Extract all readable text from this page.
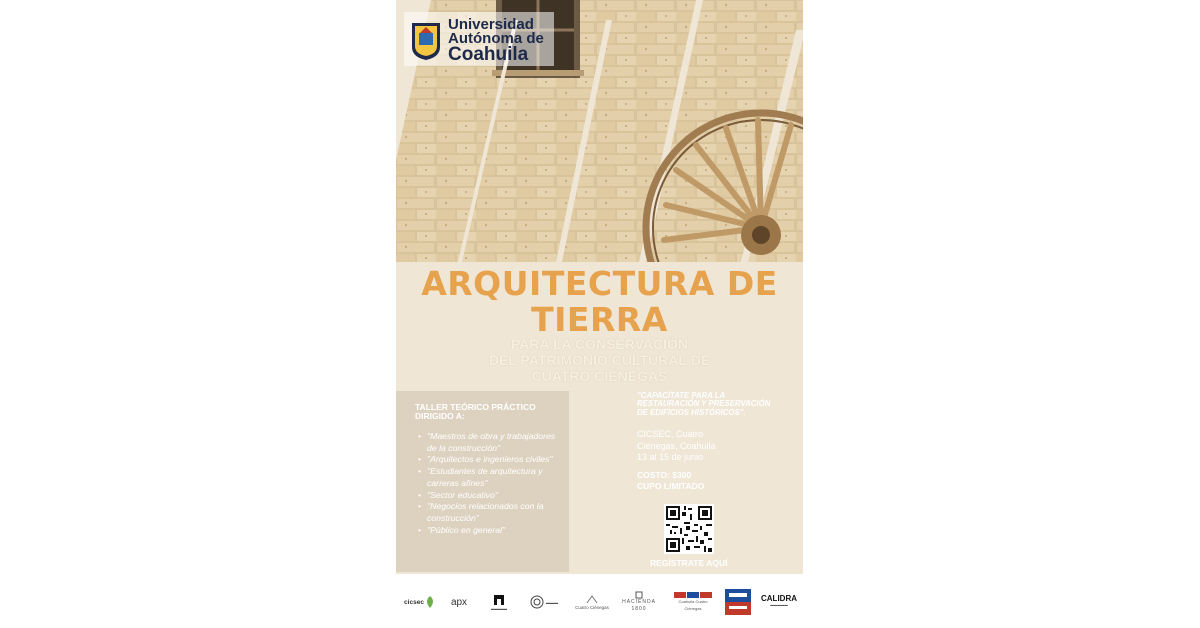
Universidad
Autónoma de
Coahuila
ARQUITECTURA DE
TIERRA
PARA LA CONSERVACIÓN
DEL PATRIMONIO CULTURAL DE
CUATRO CIÉNEGAS
TALLER TEÓRICO PRÁCTICO
DIRIGIDO A:
• "Maestros de obra y trabajadores de la construcción"
• "Arquitectos e ingenieros civiles"
• "Estudiantes de arquitectura y carreras afines"
• "Sector educativo"
• "Negocios relacionados con la construcción"
• "Público en general"
"CAPACÍTATE PARA LA RESTAURACIÓN Y PRESERVACIÓN DE EDIFICIOS HISTÓRICOS".
CICSEC, Cuatro
Ciénegas, Coahuila
13 al 15 de junio
COSTO: $300
CUPO LIMITADO
REGÍSTRATE AQUÍ
cicsec	apx
▬▬▬▬
▬▬▬
Cuatro Ciénegas
HACIENDA 1800
Coahuila Cuatro Ciénegas
CALIDRA
▬▬▬▬▬
